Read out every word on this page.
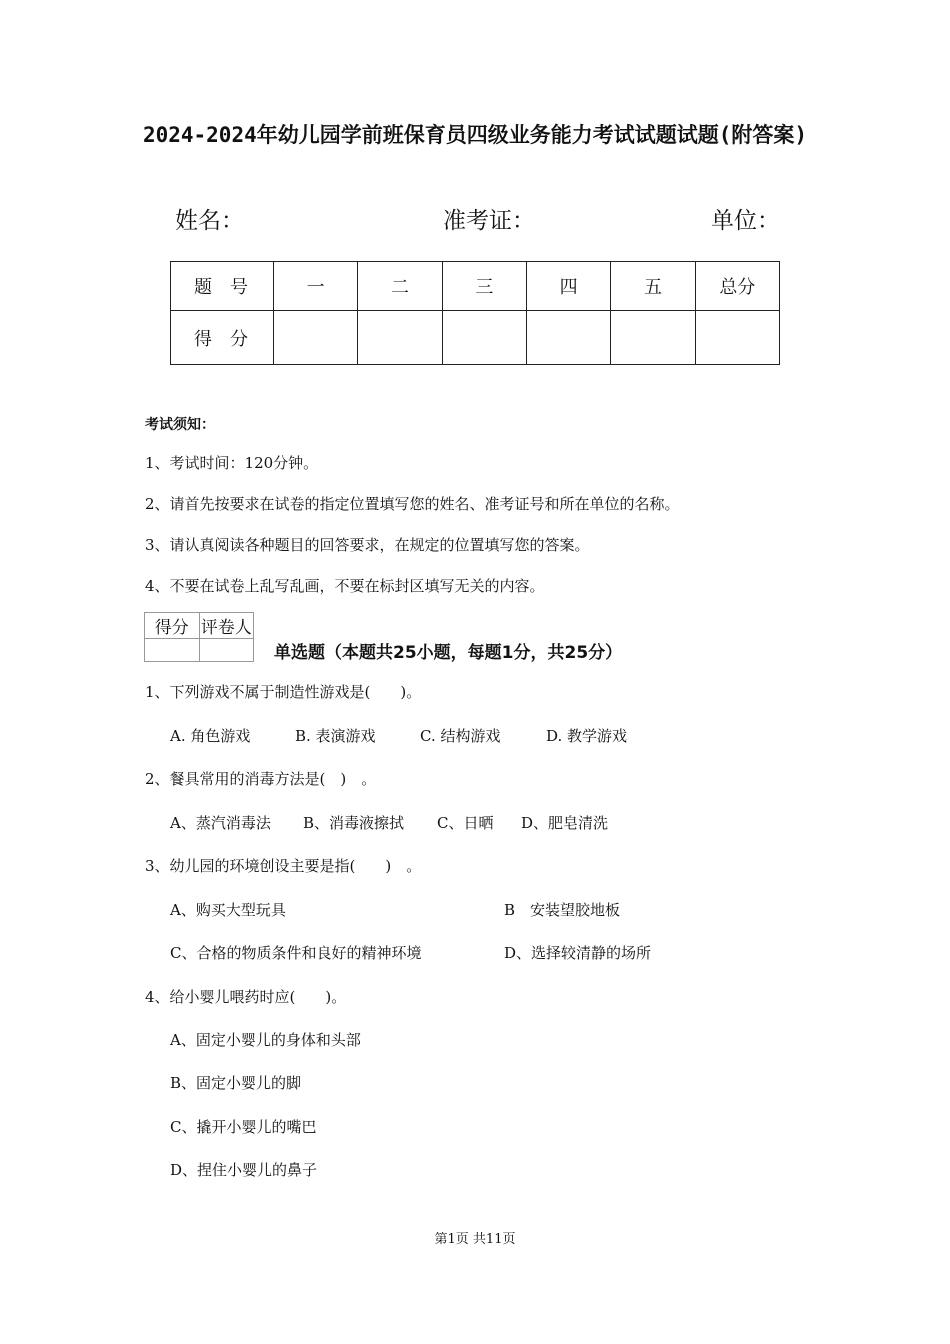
2024-2024年幼儿园学前班保育员四级业务能力考试试题试题(附答案)
姓名：	准考证：	单位：
题号	一	二	三	四	五	总分
得分						
考试须知：
1、考试时间：120分钟。
2、请首先按要求在试卷的指定位置填写您的姓名、准考证号和所在单位的名称。
3、请认真阅读各种题目的回答要求，在规定的位置填写您的答案。
4、不要在试卷上乱写乱画，不要在标封区填写无关的内容。
得分	评卷人

单选题（本题共25小题，每题1分，共25分）
1、下列游戏不属于制造性游戏是(　　)。
A. 角色游戏	B. 表演游戏	C. 结构游戏	D. 教学游戏
2、餐具常用的消毒方法是(　)　。
A、蒸汽消毒法 B、消毒液擦拭 C、日晒 D、肥皂清洗
3、幼儿园的环境创设主要是指(　　)　。
A、购买大型玩具	B　安装望胶地板
C、合格的物质条件和良好的精神环境	D、选择较清静的场所
4、给小婴儿喂药时应(　　)。
A、固定小婴儿的身体和头部
B、固定小婴儿的脚
C、撬开小婴儿的嘴巴
D、捏住小婴儿的鼻子
第1页 共11页
